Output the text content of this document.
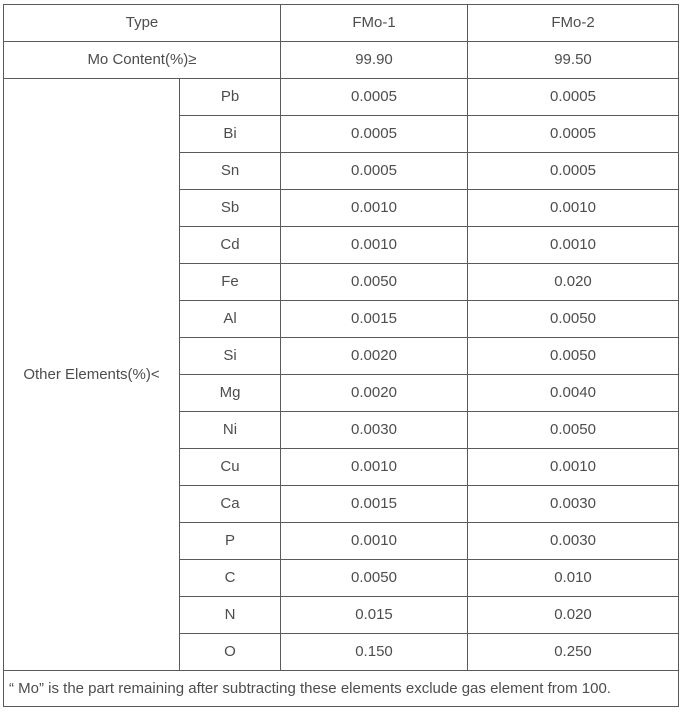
Type		FMo-1	FMo-2
Mo Content(%)≥		99.90	99.50
Other Elements(%)<	Pb	0.0005	0.0005
	Bi	0.0005	0.0005
	Sn	0.0005	0.0005
	Sb	0.0010	0.0010
	Cd	0.0010	0.0010
	Fe	0.0050	0.020
	Al	0.0015	0.0050
	Si	0.0020	0.0050
	Mg	0.0020	0.0040
	Ni	0.0030	0.0050
	Cu	0.0010	0.0010
	Ca	0.0015	0.0030
	P	0.0010	0.0030
	C	0.0050	0.010
	N	0.015	0.020
	O	0.150	0.250
“ Mo” is the part remaining after subtracting these elements exclude gas element from 100.			
